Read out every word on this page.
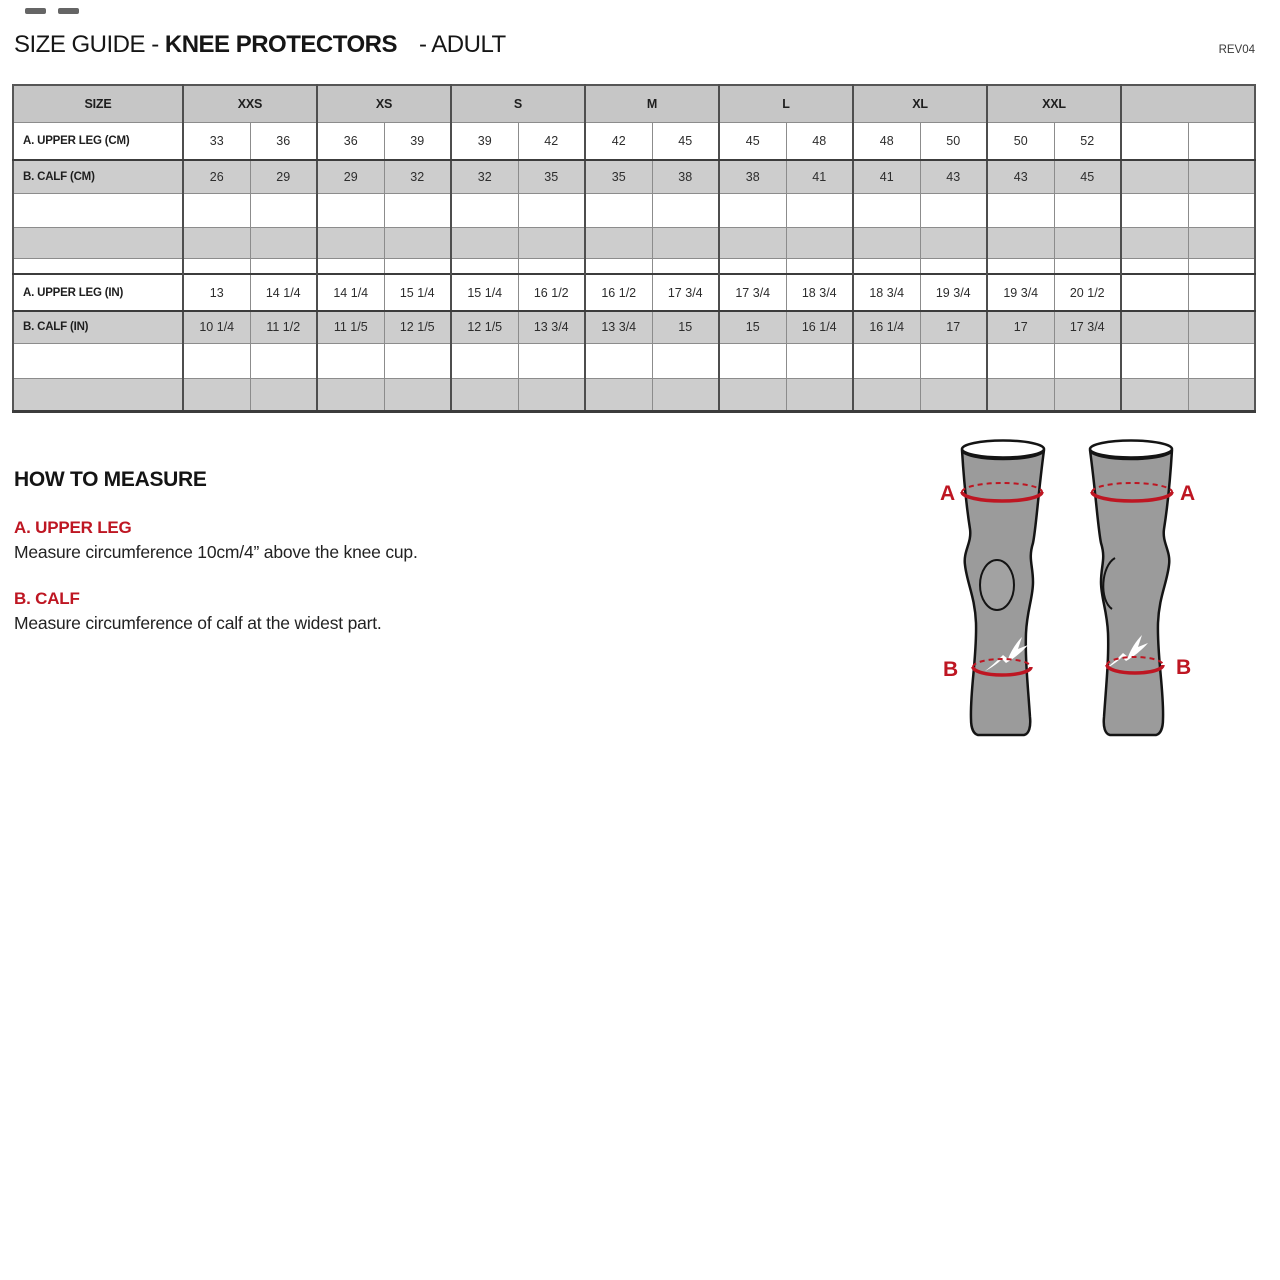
SIZE GUIDE - KNEE PROTECTORS - ADULT	REV04
SIZE	XXS		XS		S		M		L		XL		XXL			
A. UPPER LEG (CM)	33	36	36	39	39	42	42	45	45	48	48	50	50	52		
B. CALF (CM)	26	29	29	32	32	35	35	38	38	41	41	43	43	45		

A. UPPER LEG (IN)	13	14 1/4	14 1/4	15 1/4	15 1/4	16 1/2	16 1/2	17 3/4	17 3/4	18 3/4	18 3/4	19 3/4	19 3/4	20 1/2		
B. CALF (IN)	10 1/4	11 1/2	11 1/5	12 1/5	12 1/5	13 3/4	13 3/4	15	15	16 1/4	16 1/4	17	17	17 3/4		

HOW TO MEASURE
A. UPPER LEG
Measure circumference 10cm/4” above the knee cup.
B. CALF
Measure circumference of calf at the widest part.
A
B
A
B
